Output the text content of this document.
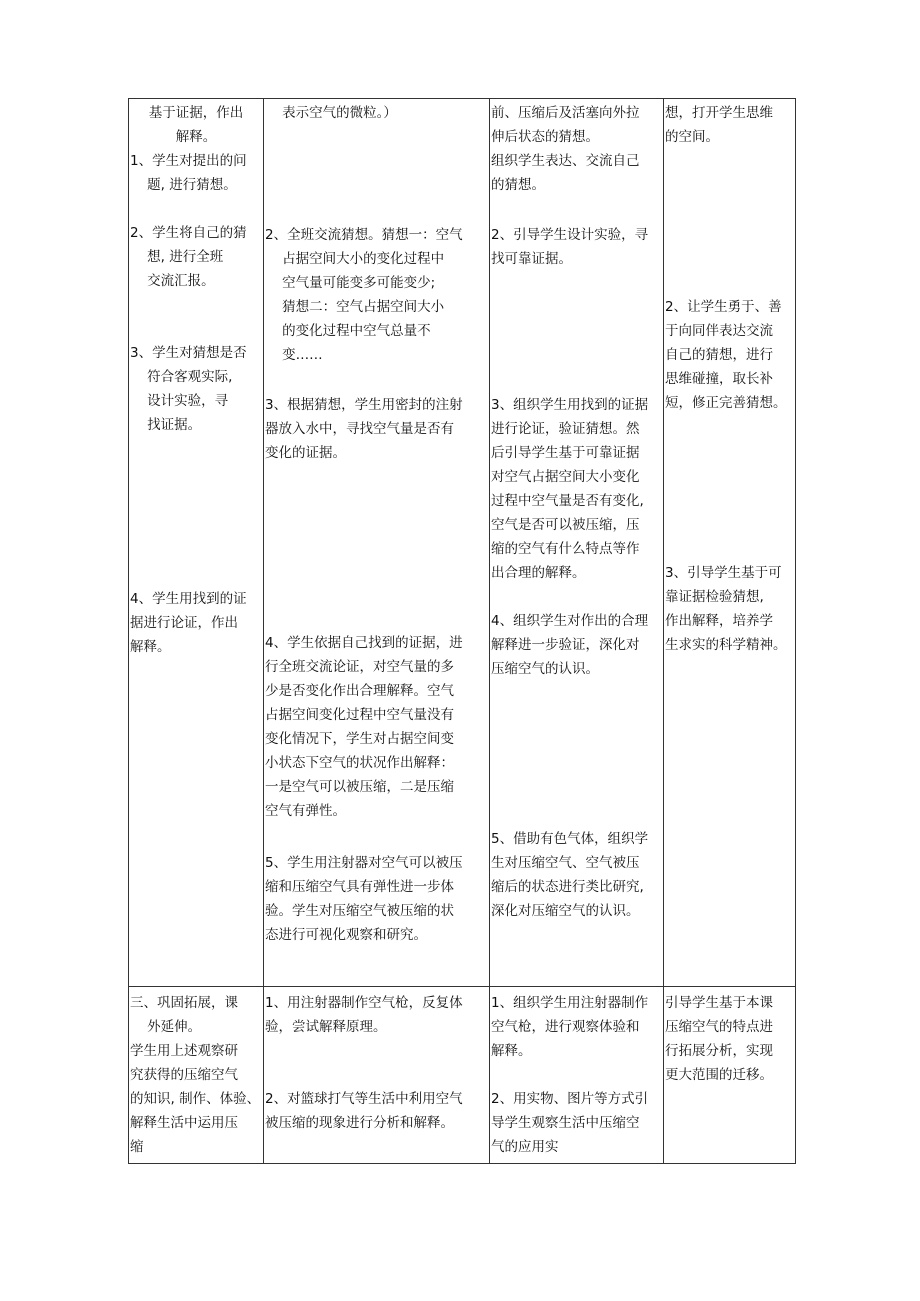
基于证据，作出
解释。
1、学生对提出的问
题, 进行猜想。
2、学生将自己的猜
想, 进行全班
交流汇报。
3、学生对猜想是否
符合客观实际,
设计实验，寻
找证据。
4、学生用找到的证
据进行论证，作出
解释。
表示空气的微粒。）
2、全班交流猜想。猜想一：空气
占据空间大小的变化过程中
空气量可能变多可能变少;
猜想二：空气占据空间大小
的变化过程中空气总量不
变……
3、根据猜想，学生用密封的注射
器放入水中，寻找空气量是否有
变化的证据。
4、学生依据自己找到的证据，进
行全班交流论证，对空气量的多
少是否变化作出合理解释。空气
占据空间变化过程中空气量没有
变化情况下，学生对占据空间变
小状态下空气的状况作出解释：
一是空气可以被压缩，二是压缩
空气有弹性。
5、学生用注射器对空气可以被压
缩和压缩空气具有弹性进一步体
验。学生对压缩空气被压缩的状
态进行可视化观察和研究。
前、压缩后及活塞向外拉
伸后状态的猜想。
组织学生表达、交流自己
的猜想。
2、引导学生设计实验，寻
找可靠证据。
3、组织学生用找到的证据
进行论证，验证猜想。然
后引导学生基于可靠证据
对空气占据空间大小变化
过程中空气量是否有变化,
空气是否可以被压缩，压
缩的空气有什么特点等作
出合理的解释。
4、组织学生对作出的合理
解释进一步验证，深化对
压缩空气的认识。
5、借助有色气体，组织学
生对压缩空气、空气被压
缩后的状态进行类比研究,
深化对压缩空气的认识。
想，打开学生思维
的空间。
2、让学生勇于、善
于向同伴表达交流
自己的猜想，进行
思维碰撞，取长补
短，修正完善猜想。
3、引导学生基于可
靠证据检验猜想,
作出解释，培养学
生求实的科学精神。
三、巩固拓展，课
外延伸。
学生用上述观察研
究获得的压缩空气
的知识, 制作、体验、
解释生活中运用压
缩
1、用注射器制作空气枪，反复体
验，尝试解释原理。
2、对篮球打气等生活中利用空气
被压缩的现象进行分析和解释。
1、组织学生用注射器制作
空气枪，进行观察体验和
解释。
2、用实物、图片等方式引
导学生观察生活中压缩空
气的应用实
引导学生基于本课
压缩空气的特点进
行拓展分析，实现
更大范围的迁移。
